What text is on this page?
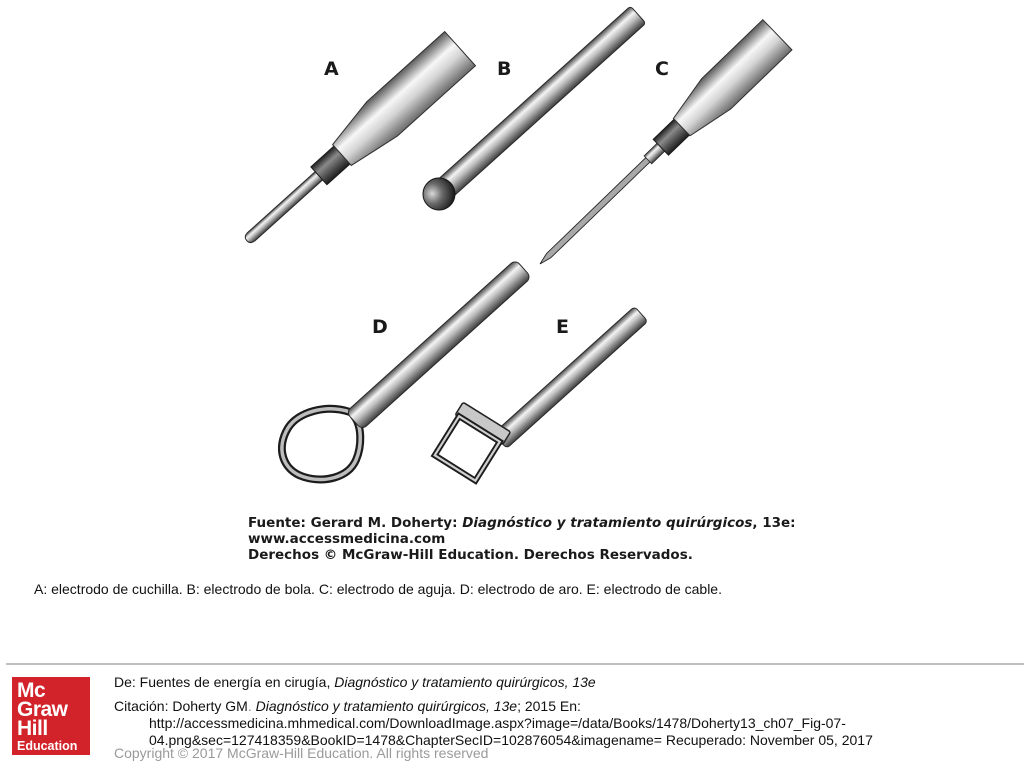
A	B	C
D	E
Fuente: Gerard M. Doherty: Diagnóstico y tratamiento quirúrgicos, 13e:
www.accessmedicina.com
Derechos © McGraw-Hill Education. Derechos Reservados.
A: electrodo de cuchilla. B: electrodo de bola. C: electrodo de aguja. D: electrodo de aro. E: electrodo de cable.
Mc
Graw
Hill
Education
De: Fuentes de energía en cirugía, Diagnóstico y tratamiento quirúrgicos, 13e
Citación: Doherty GM. Diagnóstico y tratamiento quirúrgicos, 13e; 2015 En:
http://accessmedicina.mhmedical.com/DownloadImage.aspx?image=/data/Books/1478/Doherty13_ch07_Fig-07-
04.png&sec=127418359&BookID=1478&ChapterSecID=102876054&imagename= Recuperado: November 05, 2017
Copyright © 2017 McGraw-Hill Education. All rights reserved
